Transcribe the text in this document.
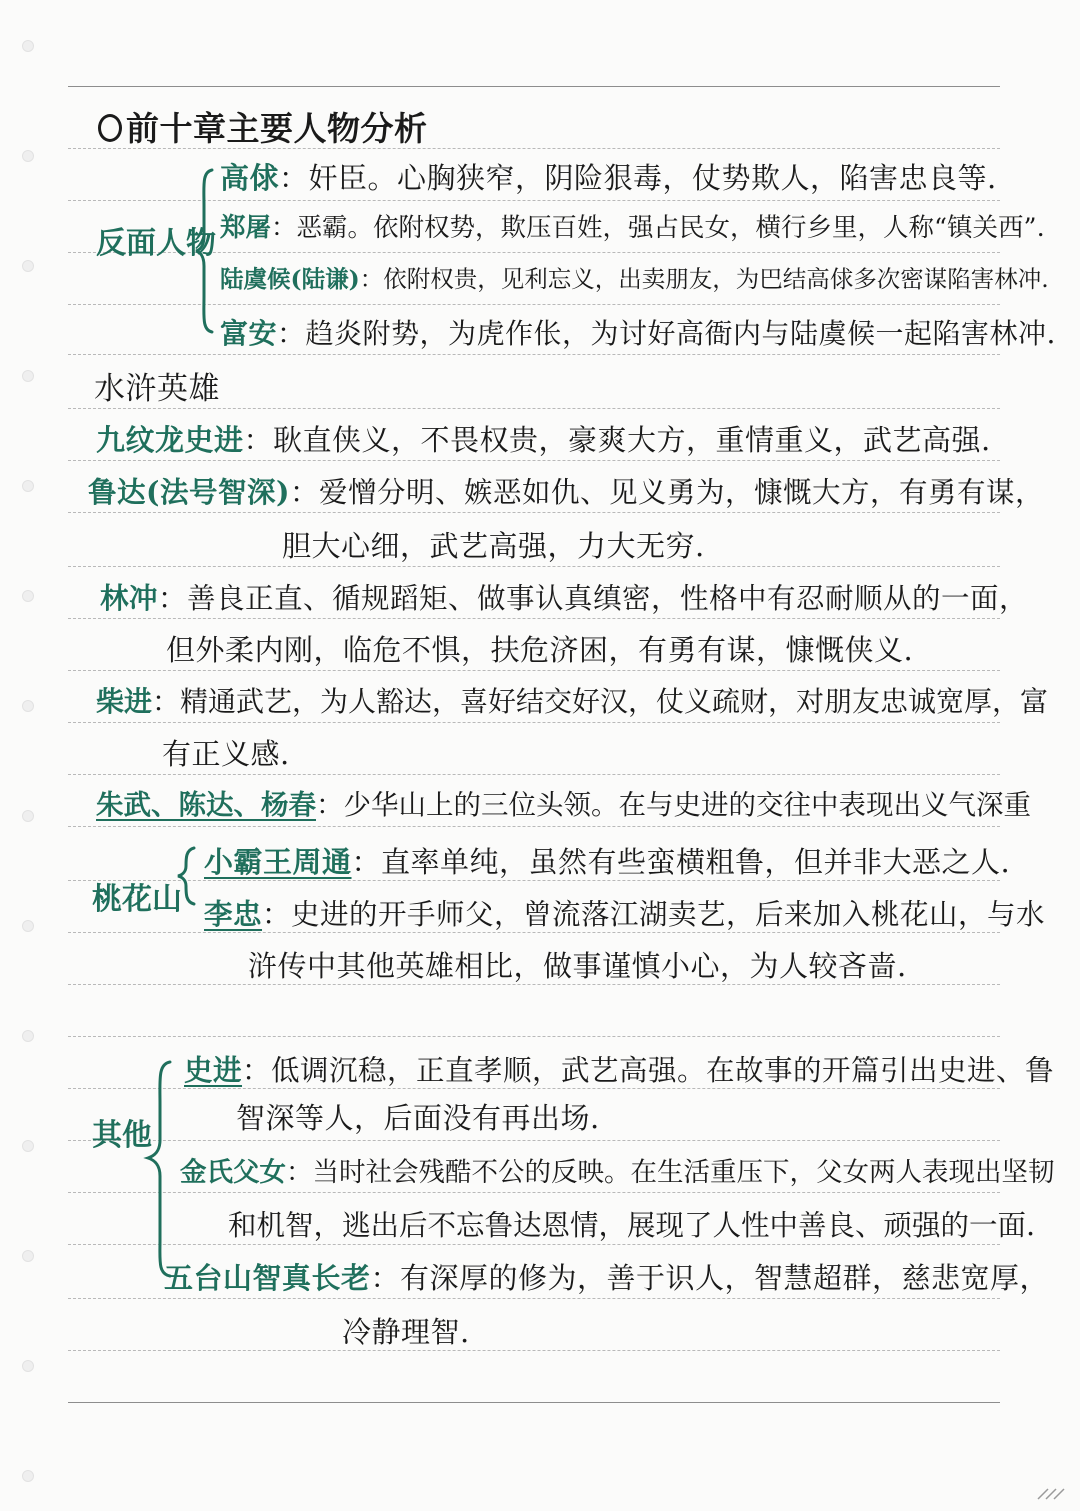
前十章主要人物分析
反面人物
高俅：奸臣。心胸狭窄，阴险狠毒，仗势欺人，陷害忠良等.
郑屠：恶霸。依附权势，欺压百姓，强占民女，横行乡里，人称“镇关西”.
陆虞候(陆谦)：依附权贵，见利忘义，出卖朋友，为巴结高俅多次密谋陷害林冲.
富安：趋炎附势，为虎作伥，为讨好高衙内与陆虞候一起陷害林冲.
水浒英雄
九纹龙史进：耿直侠义，不畏权贵，豪爽大方，重情重义，武艺高强.
鲁达(法号智深)：爱憎分明、嫉恶如仇、见义勇为，慷慨大方，有勇有谋，
胆大心细，武艺高强，力大无穷.
林冲：善良正直、循规蹈矩、做事认真缜密，性格中有忍耐顺从的一面，
但外柔内刚，临危不惧，扶危济困，有勇有谋，慷慨侠义.
柴进：精通武艺，为人豁达，喜好结交好汉，仗义疏财，对朋友忠诚宽厚，富
有正义感.
朱武、陈达、杨春：少华山上的三位头领。在与史进的交往中表现出义气深重
桃花山
小霸王周通：直率单纯，虽然有些蛮横粗鲁，但并非大恶之人.
李忠：史进的开手师父，曾流落江湖卖艺，后来加入桃花山，与水
浒传中其他英雄相比，做事谨慎小心，为人较吝啬.
其他
史进：低调沉稳，正直孝顺，武艺高强。在故事的开篇引出史进、鲁
智深等人，后面没有再出场.
金氏父女：当时社会残酷不公的反映。在生活重压下，父女两人表现出坚韧
和机智，逃出后不忘鲁达恩情，展现了人性中善良、顽强的一面.
五台山智真长老：有深厚的修为，善于识人，智慧超群，慈悲宽厚，
冷静理智.
